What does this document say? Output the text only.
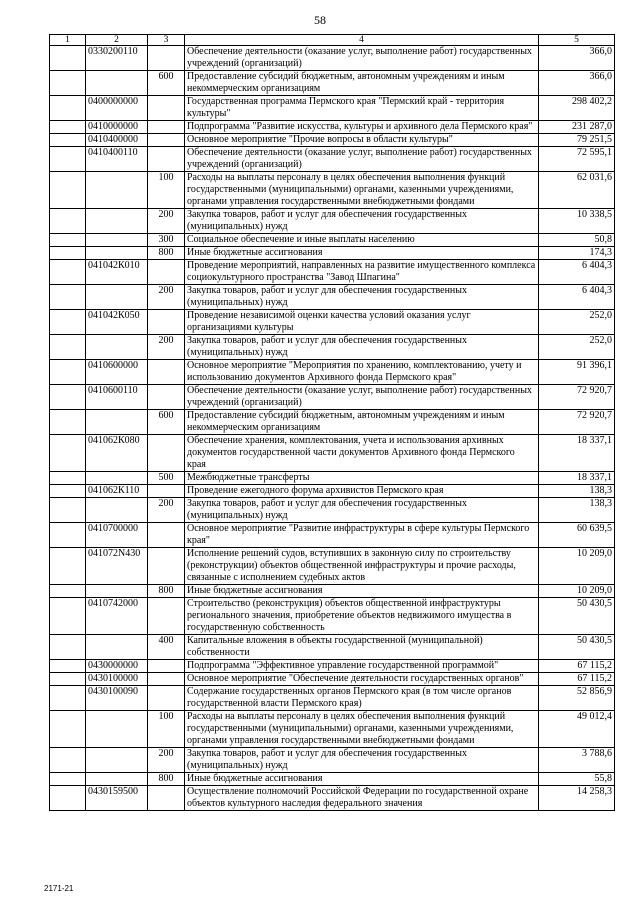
58
1	2	3	4	5
	0330200110		Обеспечение деятельности (оказание услуг, выполнение работ) государственных учреждений (организаций)	366,0
		600	Предоставление субсидий бюджетным, автономным учреждениям и иным некоммерческим организациям	366,0
	0400000000		Государственная программа Пермского края "Пермский край - территория культуры"	298 402,2
	0410000000		Подпрограмма "Развитие искусства, культуры и архивного дела Пермского края"	231 287,0
	0410400000		Основное мероприятие "Прочие вопросы в области культуры"	79 251,5
	0410400110		Обеспечение деятельности (оказание услуг, выполнение работ) государственных учреждений (организаций)	72 595,1
		100	Расходы на выплаты персоналу в целях обеспечения выполнения функций государственными (муниципальными) органами, казенными учреждениями, органами управления государственными внебюджетными фондами	62 031,6
		200	Закупка товаров, работ и услуг для обеспечения государственных (муниципальных) нужд	10 338,5
		300	Социальное обеспечение и иные выплаты населению	50,8
		800	Иные бюджетные ассигнования	174,3
	041042К010		Проведение мероприятий, направленных на развитие имущественного комплекса социокультурного пространства "Завод Шпагина"	6 404,3
		200	Закупка товаров, работ и услуг для обеспечения государственных (муниципальных) нужд	6 404,3
	041042К050		Проведение независимой оценки качества условий оказания услуг организациями культуры	252,0
		200	Закупка товаров, работ и услуг для обеспечения государственных (муниципальных) нужд	252,0
	0410600000		Основное мероприятие "Мероприятия по хранению, комплектованию, учету и использованию документов Архивного фонда Пермского края"	91 396,1
	0410600110		Обеспечение деятельности (оказание услуг, выполнение работ) государственных учреждений (организаций)	72 920,7
		600	Предоставление субсидий бюджетным, автономным учреждениям и иным некоммерческим организациям	72 920,7
	041062К080		Обеспечение хранения, комплектования, учета и использования архивных документов государственной части документов Архивного фонда Пермского края	18 337,1
		500	Межбюджетные трансферты	18 337,1
	041062К110		Проведение ежегодного форума архивистов Пермского края	138,3
		200	Закупка товаров, работ и услуг для обеспечения государственных (муниципальных) нужд	138,3
	0410700000		Основное мероприятие "Развитие инфраструктуры в сфере культуры Пермского края"	60 639,5
	041072N430		Исполнение решений судов, вступивших в законную силу по строительству (реконструкции) объектов общественной инфраструктуры и прочие расходы, связанные с исполнением судебных актов	10 209,0
		800	Иные бюджетные ассигнования	10 209,0
	0410742000		Строительство (реконструкция) объектов общественной инфраструктуры регионального значения, приобретение объектов недвижимого имущества в государственную собственность	50 430,5
		400	Капитальные вложения в объекты государственной (муниципальной) собственности	50 430,5
	0430000000		Подпрограмма "Эффективное управление государственной программой"	67 115,2
	0430100000		Основное мероприятие "Обеспечение деятельности государственных органов"	67 115,2
	0430100090		Содержание государственных органов Пермского края (в том числе органов государственной власти Пермского края)	52 856,9
		100	Расходы на выплаты персоналу в целях обеспечения выполнения функций государственными (муниципальными) органами, казенными учреждениями, органами управления государственными внебюджетными фондами	49 012,4
		200	Закупка товаров, работ и услуг для обеспечения государственных (муниципальных) нужд	3 788,6
		800	Иные бюджетные ассигнования	55,8
	0430159500		Осуществление полномочий Российской Федерации по государственной охране объектов культурного наследия федерального значения	14 258,3
2171-21
